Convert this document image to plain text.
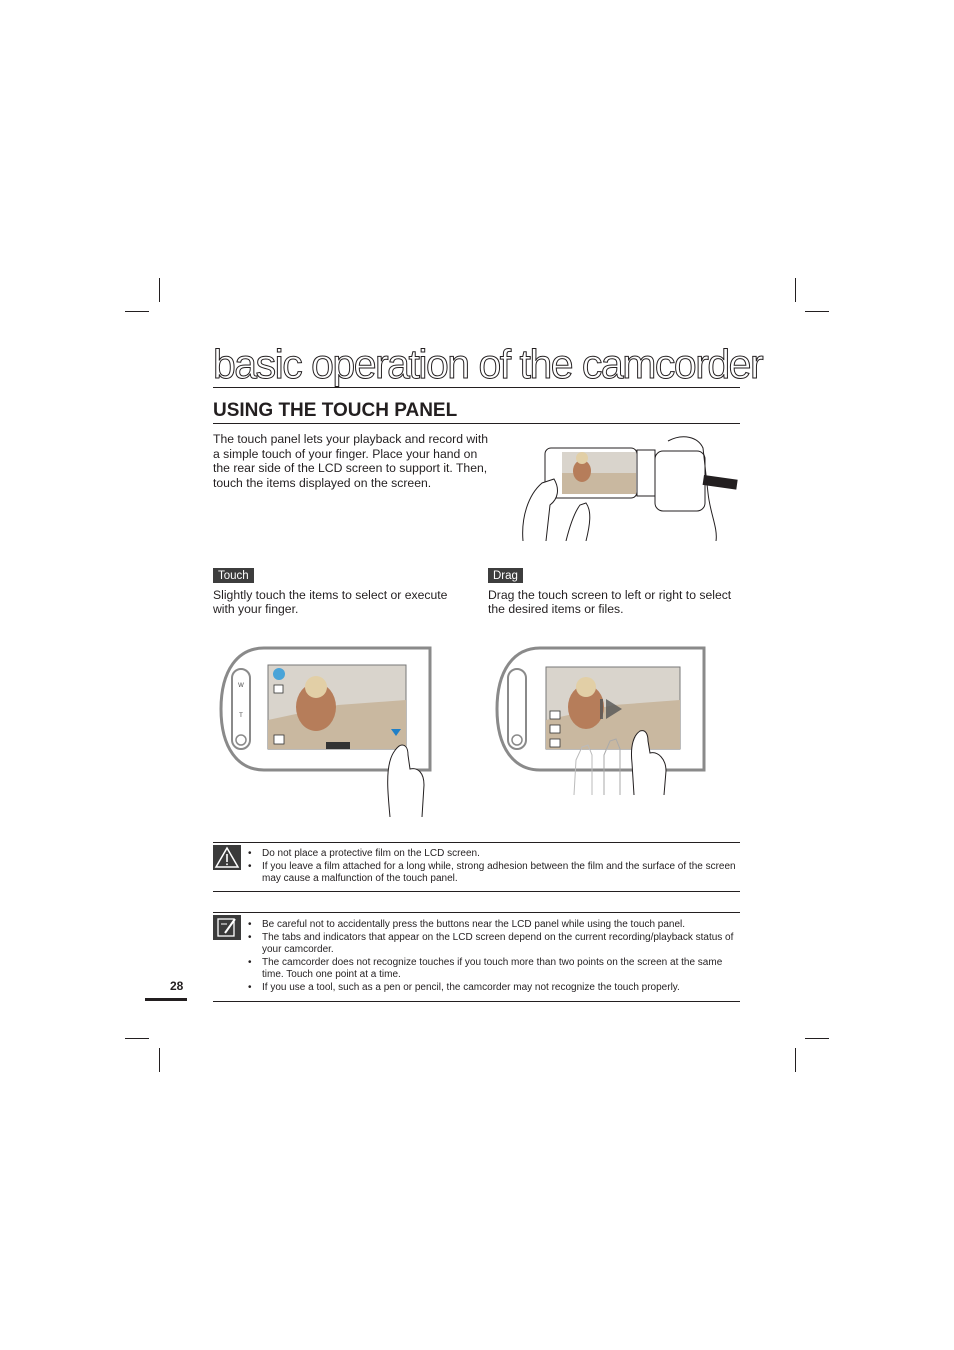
basic operation of the camcorder
USING THE TOUCH PANEL
The touch panel lets your playback and record with a simple touch of your finger. Place your hand on the rear side of the LCD screen to support it. Then, touch the items displayed on the screen.
Touch
Slightly touch the items to select or execute with your finger.
Drag
Drag the touch screen to left or right to select the desired items or files.
W
T
• Do not place a protective film on the LCD screen.
• If you leave a film attached for a long while, strong adhesion between the film and the surface of the screen may cause a malfunction of the touch panel.
• Be careful not to accidentally press the buttons near the LCD panel while using the touch panel.
• The tabs and indicators that appear on the LCD screen depend on the current recording/playback status of your camcorder.
• The camcorder does not recognize touches if you touch more than two points on the screen at the same time. Touch one point at a time.
• If you use a tool, such as a pen or pencil, the camcorder may not recognize the touch properly.
28
